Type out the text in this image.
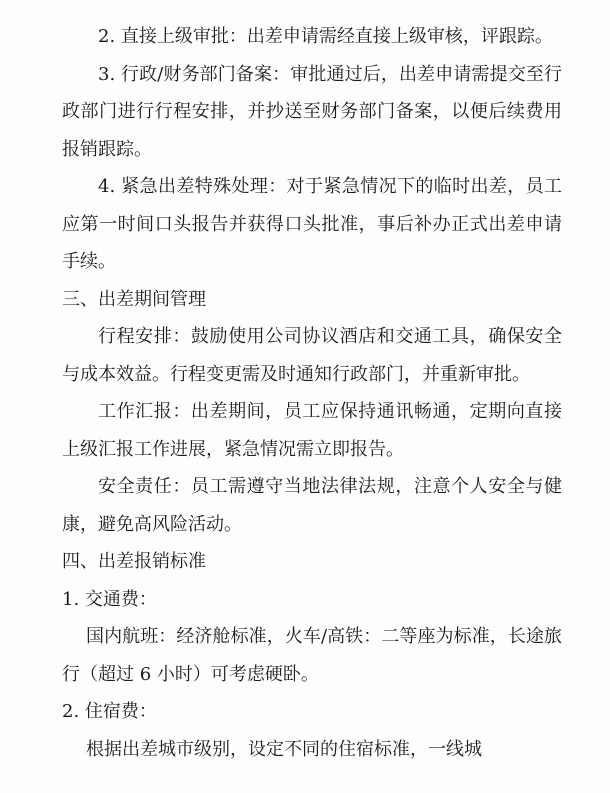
2. 直接上级审批：出差申请需经直接上级审核，评跟踪。

3. 行政/财务部门备案：审批通过后，出差申请需提交至行政部门进行行程安排，并抄送至财务部门备案，以便后续费用报销跟踪。

4. 紧急出差特殊处理：对于紧急情况下的临时出差，员工应第一时间口头报告并获得口头批准，事后补办正式出差申请手续。

三、出差期间管理

行程安排：鼓励使用公司协议酒店和交通工具，确保安全与成本效益。行程变更需及时通知行政部门，并重新审批。

工作汇报：出差期间，员工应保持通讯畅通，定期向直接上级汇报工作进展，紧急情况需立即报告。

安全责任：员工需遵守当地法律法规，注意个人安全与健康，避免高风险活动。

四、出差报销标准

1. 交通费：

国内航班：经济舱标准，火车/高铁：二等座为标准，长途旅行（超过 6 小时）可考虑硬卧。

2. 住宿费：

根据出差城市级别，设定不同的住宿标准，一线城
